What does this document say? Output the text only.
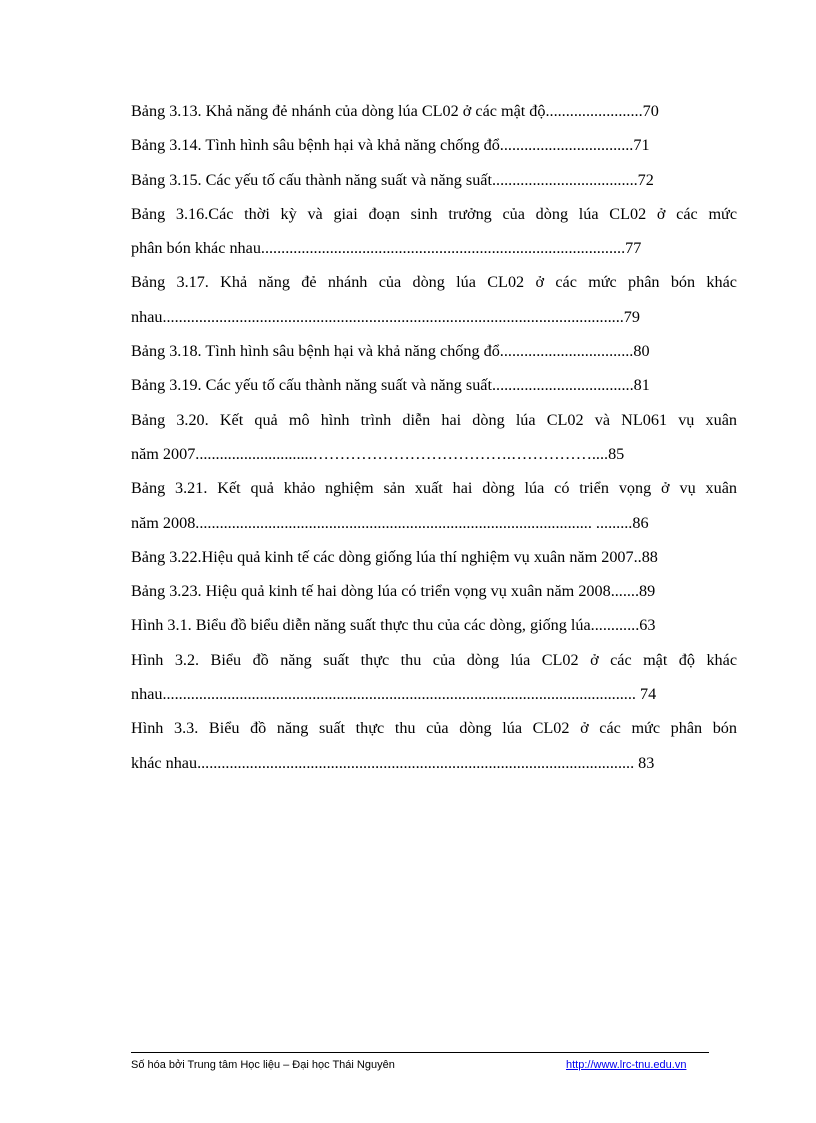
Bảng 3.13. Khả năng đẻ nhánh của dòng lúa CL02 ở các mật độ........................70
Bảng 3.14. Tình hình sâu bệnh hại và khả năng chống đổ.................................71
Bảng 3.15. Các yếu tố cấu thành năng suất và năng suất....................................72
Bảng 3.16.Các thời kỳ và giai đoạn sinh trưởng của dòng lúa CL02 ở các mức
phân bón khác nhau..........................................................................................77
Bảng 3.17. Khả năng đẻ nhánh của dòng lúa CL02 ở các mức phân bón khác
nhau..................................................................................................................79
Bảng 3.18. Tình hình sâu bệnh hại và khả năng chống đổ.................................80
Bảng 3.19. Các yếu tố cấu thành năng suất và năng suất...................................81
Bảng 3.20. Kết quả mô hình trình diễn hai dòng lúa CL02 và NL061 vụ xuân
năm 2007.............................……………………………….……………....85
Bảng 3.21. Kết quả khảo nghiệm sản xuất hai dòng lúa có triển vọng ở vụ xuân
năm 2008.................................................................................................. .........86
Bảng 3.22.Hiệu quả kinh tế các dòng giống lúa thí nghiệm vụ xuân năm 2007..88
Bảng 3.23. Hiệu quả kinh tế hai dòng lúa có triển vọng vụ xuân năm 2008.......89
Hình 3.1. Biểu đồ biểu diễn năng suất thực thu của các dòng, giống lúa............63
Hình 3.2. Biểu đồ năng suất thực thu của dòng lúa CL02 ở các mật độ khác
nhau..................................................................................................................... 74
Hình 3.3. Biểu đồ năng suất thực thu của dòng lúa CL02 ở các mức phân bón
khác nhau............................................................................................................ 83
Số hóa bởi Trung tâm Học liệu – Đại học Thái Nguyên	http://www.lrc-tnu.edu.vn
